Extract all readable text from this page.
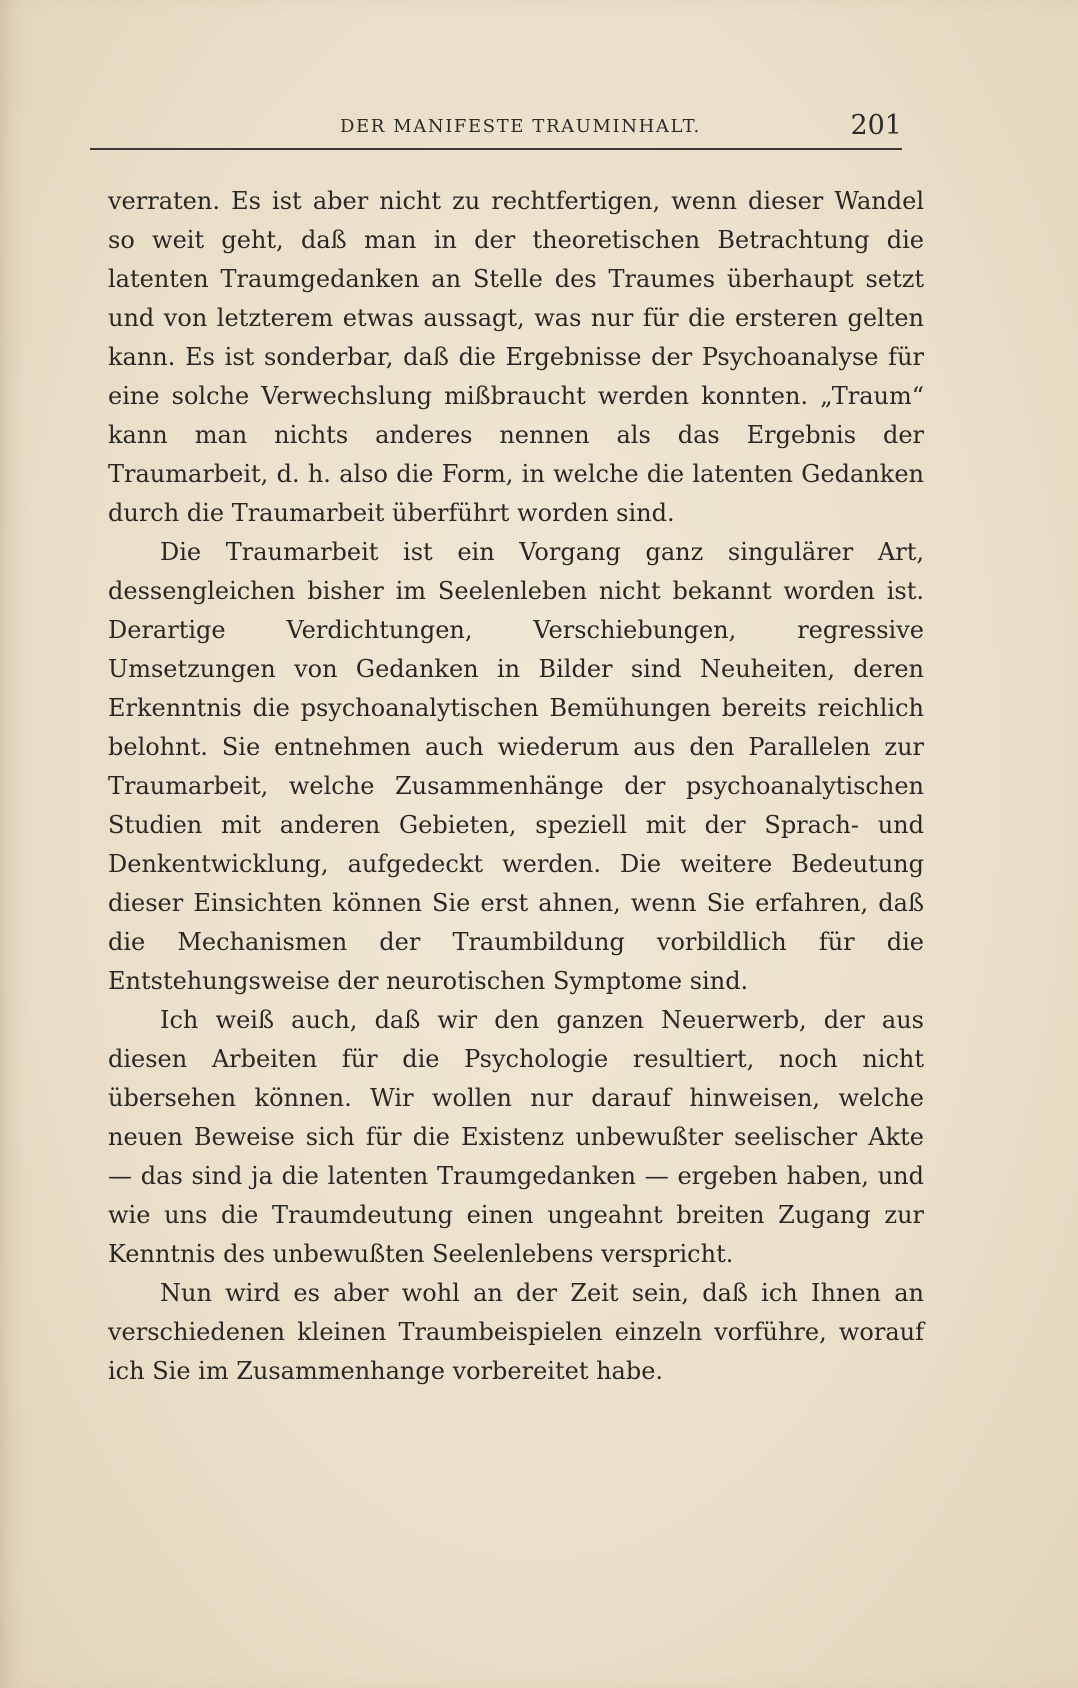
DER MANIFESTE TRAUMINHALT.	201

verraten. Es ist aber nicht zu rechtfertigen, wenn dieser Wandel so weit geht, daß man in der theoretischen Betrachtung die latenten Traumgedanken an Stelle des Traumes überhaupt setzt und von letzterem etwas aussagt, was nur für die ersteren gelten kann. Es ist sonderbar, daß die Ergebnisse der Psychoanalyse für eine solche Verwechslung mißbraucht werden konnten. „Traum“ kann man nichts anderes nennen als das Ergebnis der Traumarbeit, d. h. also die Form, in welche die latenten Gedanken durch die Traumarbeit überführt worden sind.

Die Traumarbeit ist ein Vorgang ganz singulärer Art, dessengleichen bisher im Seelenleben nicht bekannt worden ist. Derartige Verdichtungen, Verschiebungen, regressive Umsetzungen von Gedanken in Bilder sind Neuheiten, deren Erkenntnis die psychoanalytischen Bemühungen bereits reichlich belohnt. Sie entnehmen auch wiederum aus den Parallelen zur Traumarbeit, welche Zusammenhänge der psychoanalytischen Studien mit anderen Gebieten, speziell mit der Sprach- und Denkentwicklung, aufgedeckt werden. Die weitere Bedeutung dieser Einsichten können Sie erst ahnen, wenn Sie erfahren, daß die Mechanismen der Traumbildung vorbildlich für die Entstehungsweise der neurotischen Symptome sind.

Ich weiß auch, daß wir den ganzen Neuerwerb, der aus diesen Arbeiten für die Psychologie resultiert, noch nicht übersehen können. Wir wollen nur darauf hinweisen, welche neuen Beweise sich für die Existenz unbewußter seelischer Akte — das sind ja die latenten Traumgedanken — ergeben haben, und wie uns die Traumdeutung einen ungeahnt breiten Zugang zur Kenntnis des unbewußten Seelenlebens verspricht.

Nun wird es aber wohl an der Zeit sein, daß ich Ihnen an verschiedenen kleinen Traumbeispielen einzeln vorführe, worauf ich Sie im Zusammenhange vorbereitet habe.
